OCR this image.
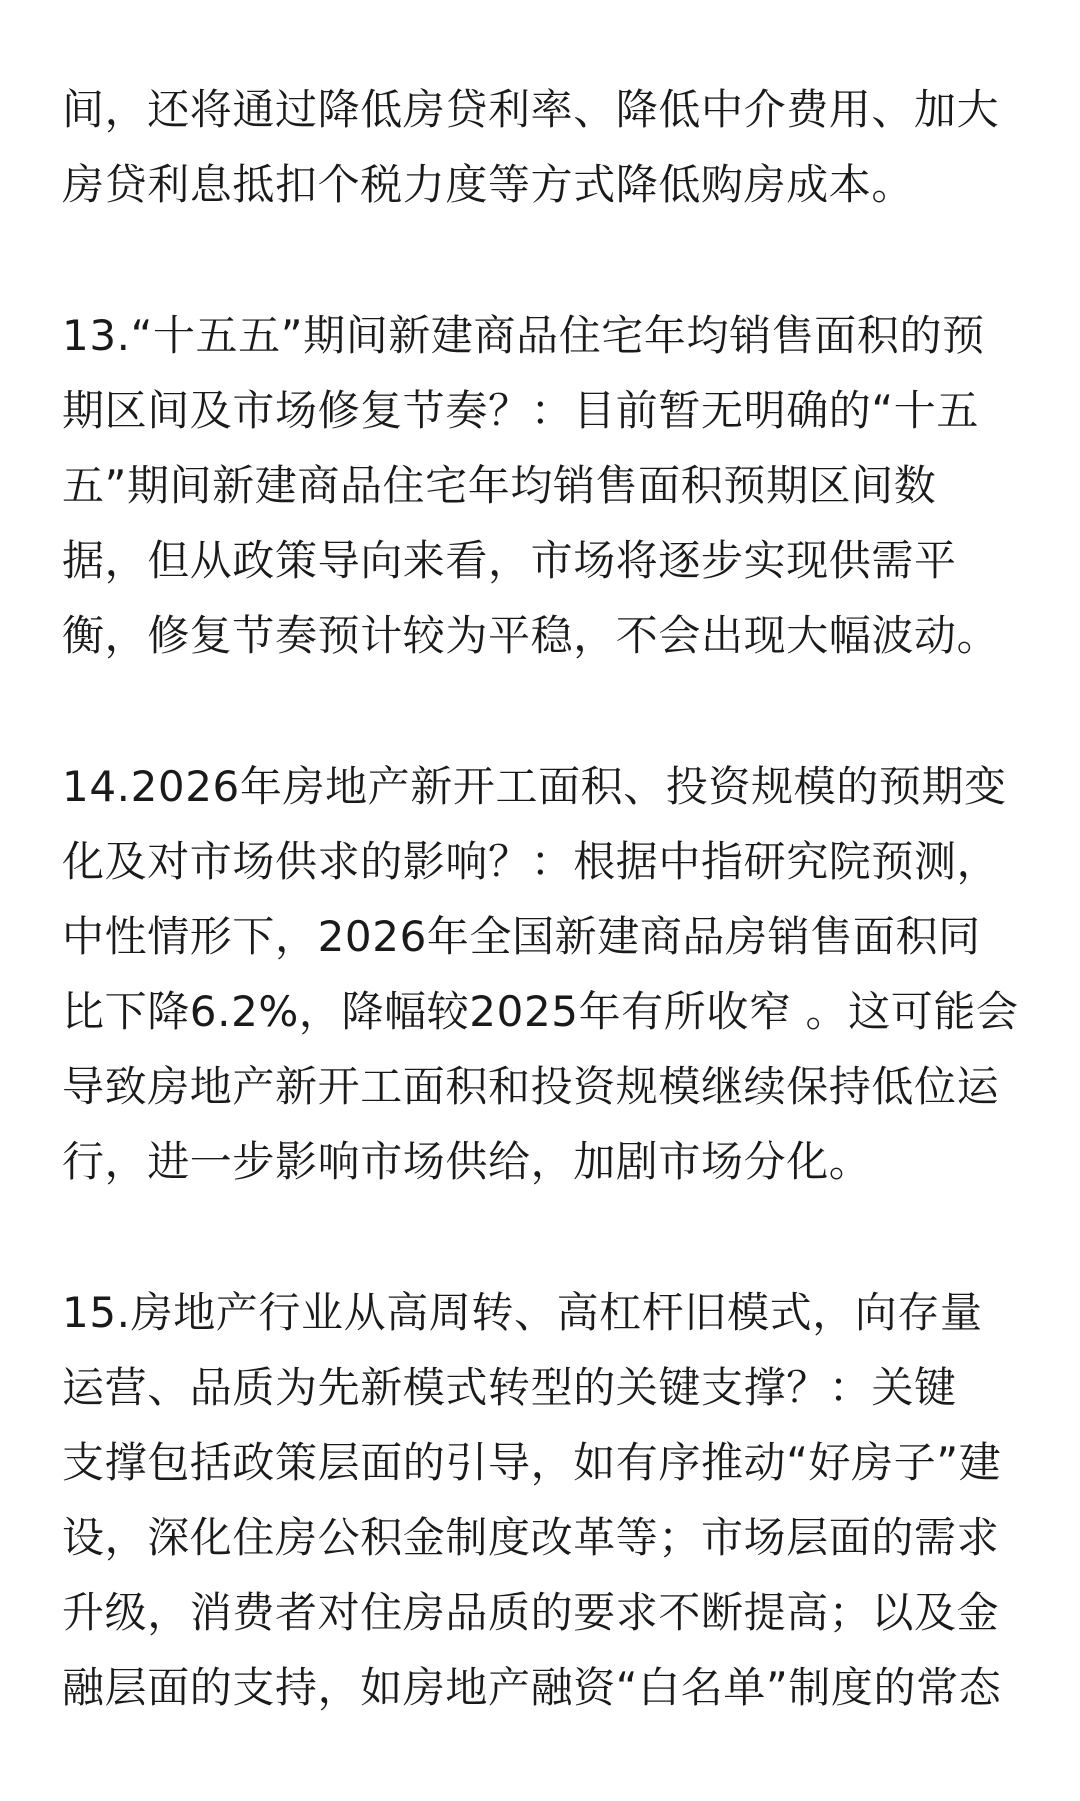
间，还将通过降低房贷利率、降低中介费用、加大
房贷利息抵扣个税力度等方式降低购房成本。
13.“十五五”期间新建商品住宅年均销售面积的预
期区间及市场修复节奏？：目前暂无明确的“十五
五”期间新建商品住宅年均销售面积预期区间数
据，但从政策导向来看，市场将逐步实现供需平
衡，修复节奏预计较为平稳，不会出现大幅波动。
14.2026年房地产新开工面积、投资规模的预期变
化及对市场供求的影响？：根据中指研究院预测，
中性情形下，2026年全国新建商品房销售面积同
比下降6.2%，降幅较2025年有所收窄 。这可能会
导致房地产新开工面积和投资规模继续保持低位运
行，进一步影响市场供给，加剧市场分化。
15.房地产行业从高周转、高杠杆旧模式，向存量
运营、品质为先新模式转型的关键支撑？：关键
支撑包括政策层面的引导，如有序推动“好房子”建
设，深化住房公积金制度改革等；市场层面的需求
升级，消费者对住房品质的要求不断提高；以及金
融层面的支持，如房地产融资“白名单”制度的常态
